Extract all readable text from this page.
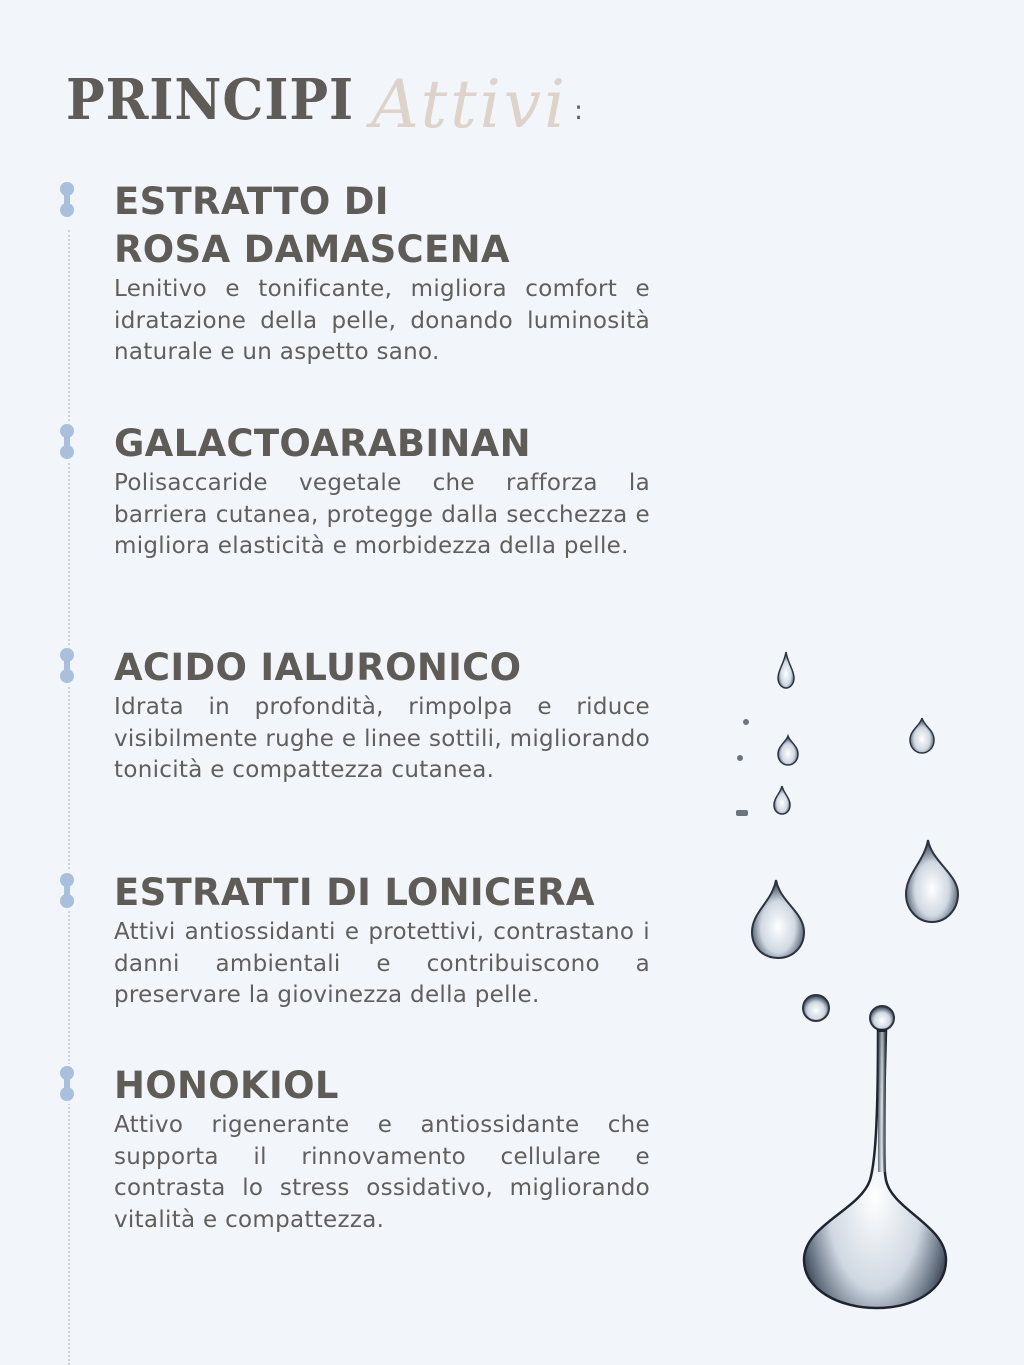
PRINCIPI Attivi :
ESTRATTO DI
ROSA DAMASCENA

Lenitivo e tonificante, migliora comfort e idratazione della pelle, donando luminosità naturale e un aspetto sano.

GALACTOARABINAN

Polisaccaride vegetale che rafforza la barriera cutanea, protegge dalla secchezza e migliora elasticità e morbidezza della pelle.

ACIDO IALURONICO

Idrata in profondità, rimpolpa e riduce visibilmente rughe e linee sottili, migliorando tonicità e compattezza cutanea.

ESTRATTI DI LONICERA

Attivi antiossidanti e protettivi, contrastano i danni ambientali e contribuiscono a preservare la giovinezza della pelle.

HONOKIOL

Attivo rigenerante e antiossidante che supporta il rinnovamento cellulare e contrasta lo stress ossidativo, migliorando vitalità e compattezza.
